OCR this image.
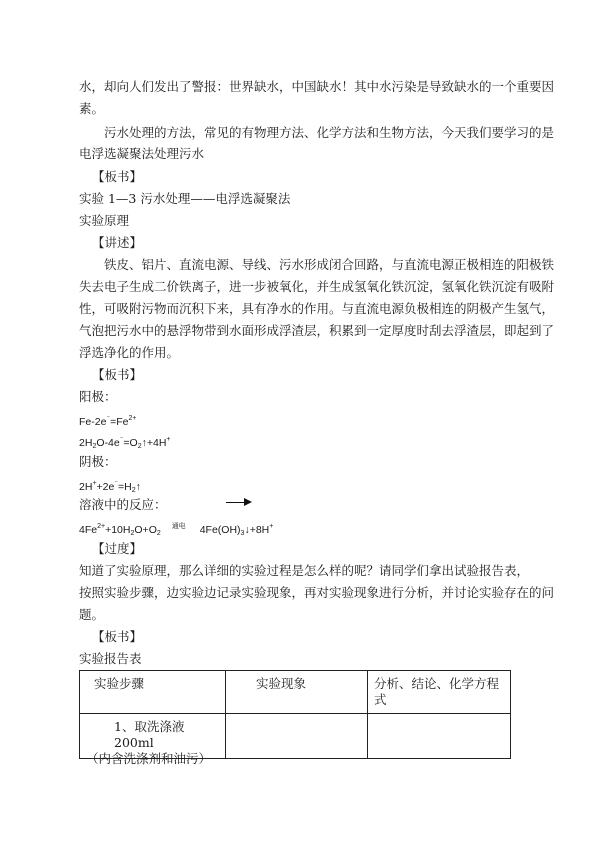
水，却向人们发出了警报：世界缺水，中国缺水！其中水污染是导致缺水的一个重要因
素。
污水处理的方法，常见的有物理方法、化学方法和生物方法，今天我们要学习的是
电浮选凝聚法处理污水
【板书】
实验 1—3 污水处理——电浮选凝聚法
实验原理
【讲述】
铁皮、铝片、直流电源、导线、污水形成闭合回路，与直流电源正极相连的阳极铁
失去电子生成二价铁离子，进一步被氧化，并生成氢氧化铁沉淀，氢氧化铁沉淀有吸附
性，可吸附污物而沉积下来，具有净水的作用。与直流电源负极相连的阴极产生氢气，
气泡把污水中的悬浮物带到水面形成浮渣层，积累到一定厚度时刮去浮渣层，即起到了
浮选净化的作用。
【板书】
阳极：
$Fe-2e^{^-}=Fe^{2+}$
$2H_2O-4e^{^-}=O_2↑+4H^+$
阴极：
$2H^++2e^{^-}=H_2↑$
溶液中的反应：
$4Fe^{2+}+10H_2O+O_2$ $^{通电}$ $4Fe(OH)_3↓+8H^+$
【过度】
知道了实验原理，那么详细的实验过程是怎么样的呢？请同学们拿出试验报告表，
按照实验步骤，边实验边记录实验现象，再对实验现象进行分析，并讨论实验存在的问
题。
【板书】
实验报告表
实验步骤	实验现象	分析、结论、化学方程
式

1、取洗涤液 200ml
（内含洗涤剂和油污）		
